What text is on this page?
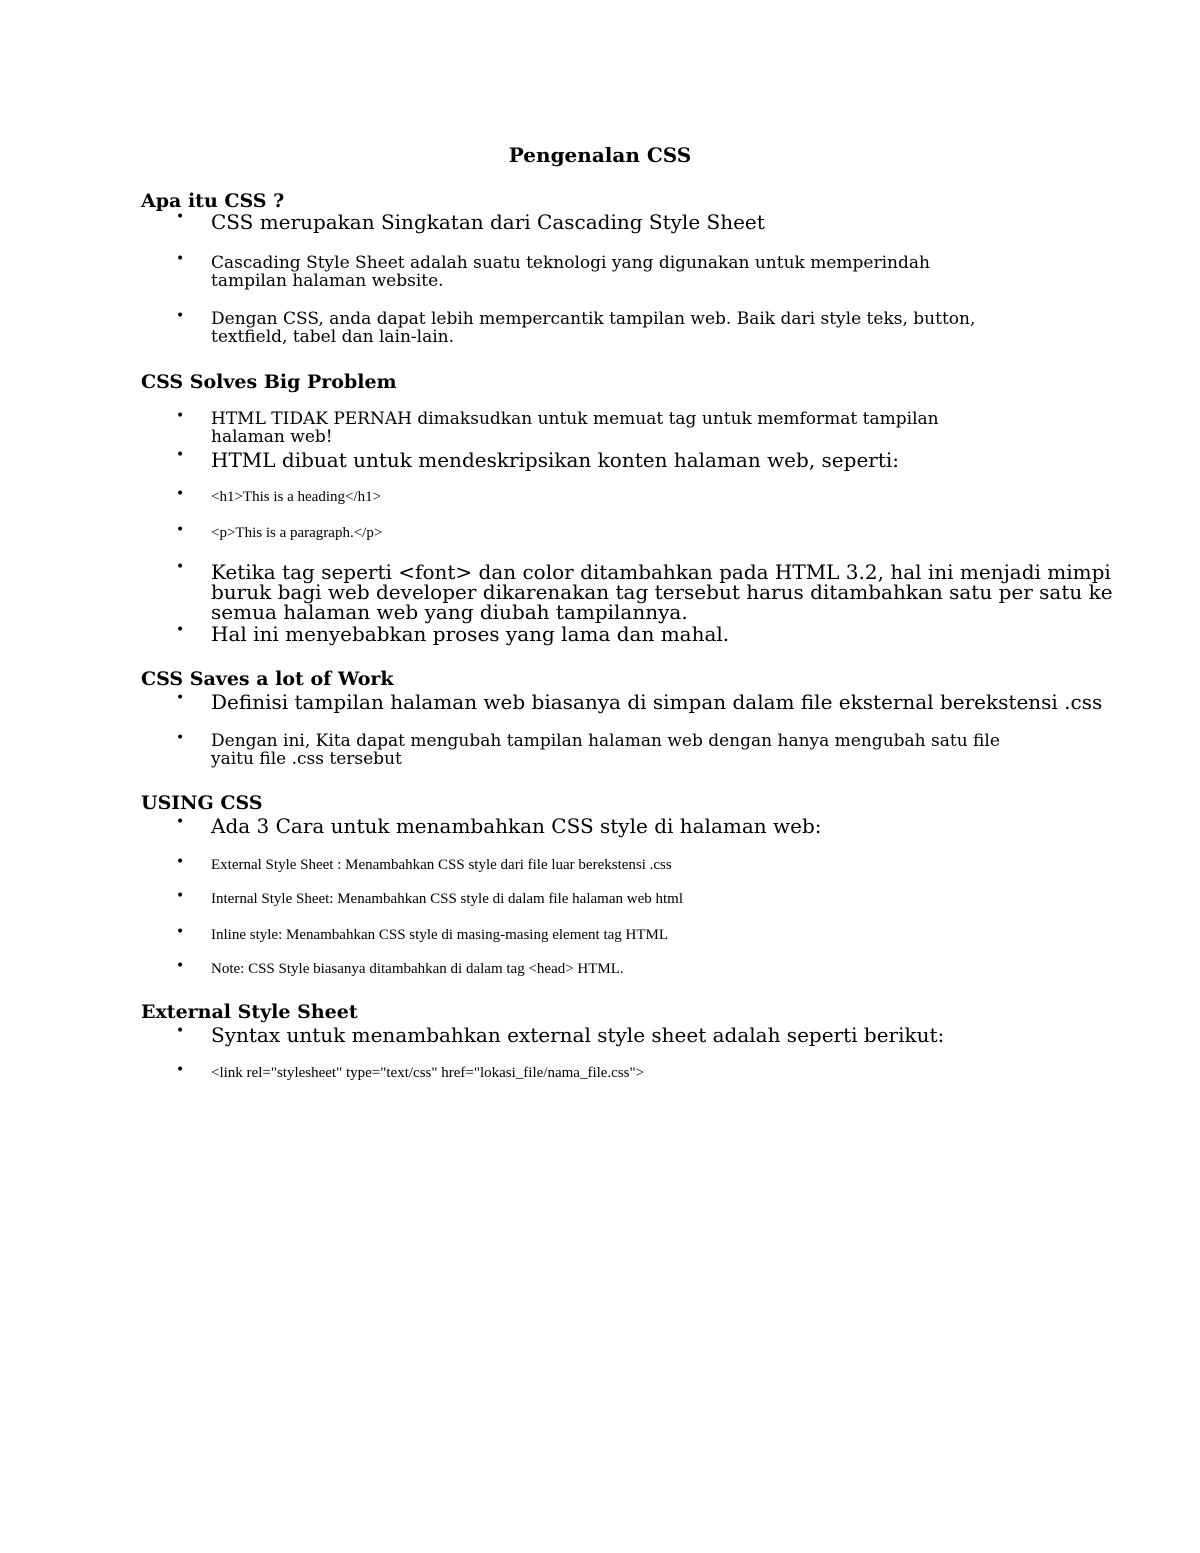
Pengenalan CSS
Apa itu CSS ?
• CSS merupakan Singkatan dari Cascading Style Sheet
• Cascading Style Sheet adalah suatu teknologi yang digunakan untuk memperindah
tampilan halaman website.
• Dengan CSS, anda dapat lebih mempercantik tampilan web. Baik dari style teks, button,
textfield, tabel dan lain-lain.
CSS Solves Big Problem
• HTML TIDAK PERNAH dimaksudkan untuk memuat tag untuk memformat tampilan
halaman web!
• HTML dibuat untuk mendeskripsikan konten halaman web, seperti:
• <h1>This is a heading</h1>
• <p>This is a paragraph.</p>
• Ketika tag seperti <font> dan color ditambahkan pada HTML 3.2, hal ini menjadi mimpi
buruk bagi web developer dikarenakan tag tersebut harus ditambahkan satu per satu ke
semua halaman web yang diubah tampilannya.
• Hal ini menyebabkan proses yang lama dan mahal.
CSS Saves a lot of Work
• Definisi tampilan halaman web biasanya di simpan dalam file eksternal berekstensi .css
• Dengan ini, Kita dapat mengubah tampilan halaman web dengan hanya mengubah satu file
yaitu file .css tersebut
USING CSS
• Ada 3 Cara untuk menambahkan CSS style di halaman web:
• External Style Sheet : Menambahkan CSS style dari file luar berekstensi .css
• Internal Style Sheet: Menambahkan CSS style di dalam file halaman web html
• Inline style: Menambahkan CSS style di masing-masing element tag HTML
• Note: CSS Style biasanya ditambahkan di dalam tag <head> HTML.
External Style Sheet
• Syntax untuk menambahkan external style sheet adalah seperti berikut:
• <link rel="stylesheet" type="text/css" href="lokasi_file/nama_file.css">
